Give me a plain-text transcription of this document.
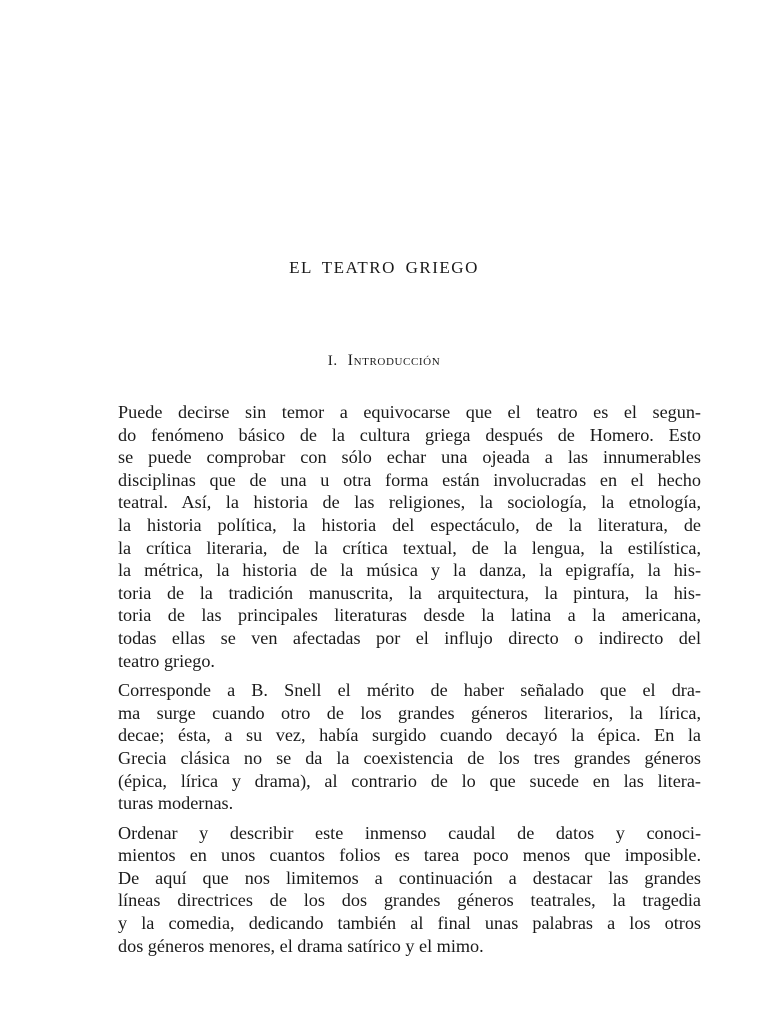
EL TEATRO GRIEGO
I. Introducción

Puede decirse sin temor a equivocarse que el teatro es el segun-
do fenómeno básico de la cultura griega después de Homero. Esto
se puede comprobar con sólo echar una ojeada a las innumerables
disciplinas que de una u otra forma están involucradas en el hecho
teatral. Así, la historia de las religiones, la sociología, la etnología,
la historia política, la historia del espectáculo, de la literatura, de
la crítica literaria, de la crítica textual, de la lengua, la estilística,
la métrica, la historia de la música y la danza, la epigrafía, la his-
toria de la tradición manuscrita, la arquitectura, la pintura, la his-
toria de las principales literaturas desde la latina a la americana,
todas ellas se ven afectadas por el influjo directo o indirecto del
teatro griego.

Corresponde a B. Snell el mérito de haber señalado que el dra-
ma surge cuando otro de los grandes géneros literarios, la lírica,
decae; ésta, a su vez, había surgido cuando decayó la épica. En la
Grecia clásica no se da la coexistencia de los tres grandes géneros
(épica, lírica y drama), al contrario de lo que sucede en las litera-
turas modernas.

Ordenar y describir este inmenso caudal de datos y conoci-
mientos en unos cuantos folios es tarea poco menos que imposible.
De aquí que nos limitemos a continuación a destacar las grandes
líneas directrices de los dos grandes géneros teatrales, la tragedia
y la comedia, dedicando también al final unas palabras a los otros
dos géneros menores, el drama satírico y el mimo.
